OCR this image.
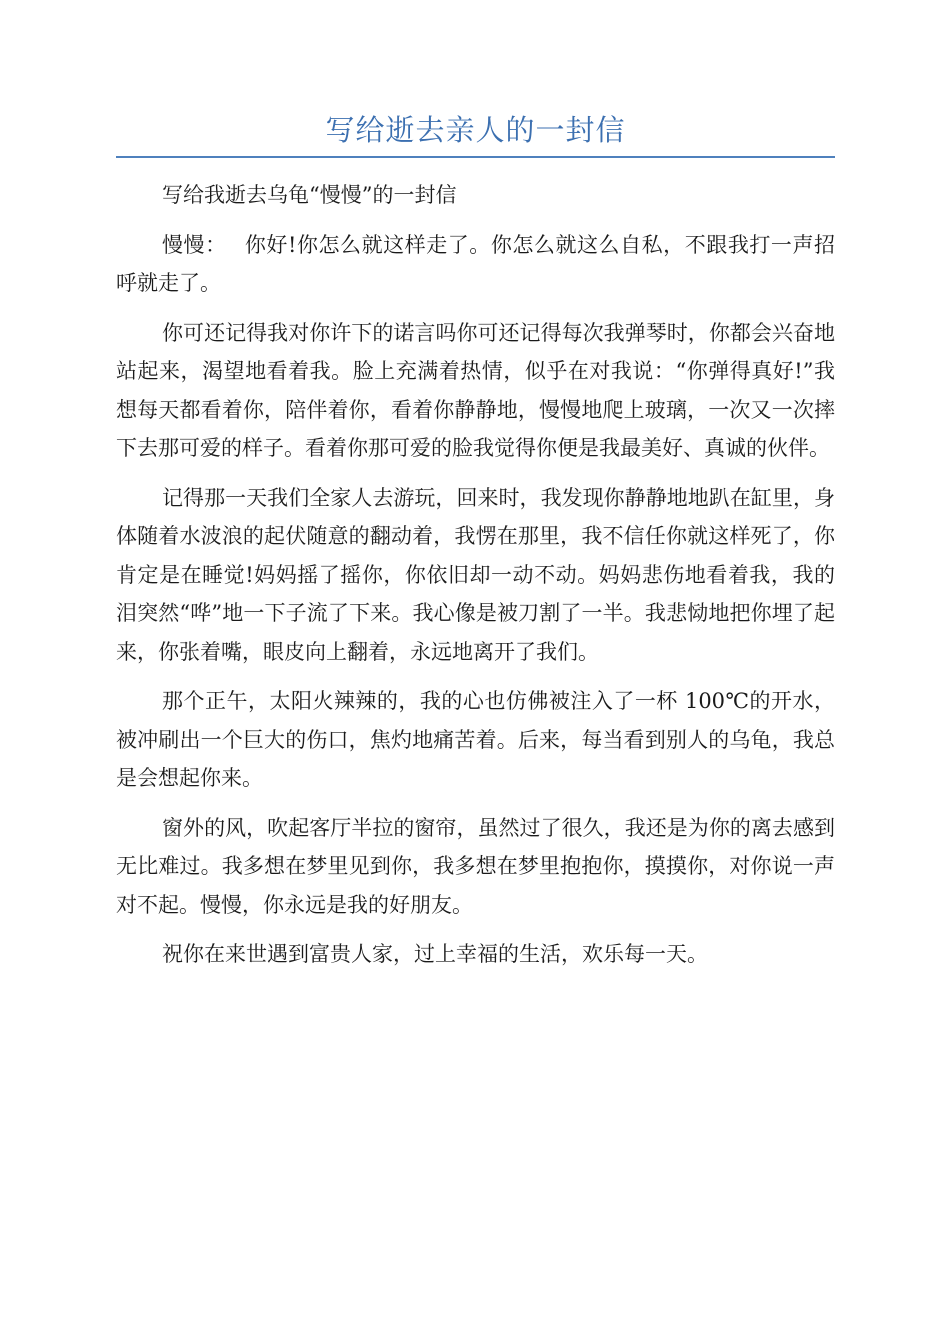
写给逝去亲人的一封信

写给我逝去乌龟“慢慢”的一封信

慢慢：　 你好!你怎么就这样走了。你怎么就这么自私，不跟我打一声招呼就走了。

你可还记得我对你许下的诺言吗你可还记得每次我弹琴时，你都会兴奋地站起来，渴望地看着我。脸上充满着热情，似乎在对我说：“你弹得真好!”我想每天都看着你，陪伴着你，看着你静静地，慢慢地爬上玻璃，一次又一次摔下去那可爱的样子。看着你那可爱的脸我觉得你便是我最美好、真诚的伙伴。

记得那一天我们全家人去游玩，回来时，我发现你静静地地趴在缸里，身体随着水波浪的起伏随意的翻动着，我愣在那里，我不信任你就这样死了，你肯定是在睡觉!妈妈摇了摇你，你依旧却一动不动。妈妈悲伤地看着我，我的泪突然“哗”地一下子流了下来。我心像是被刀割了一半。我悲恸地把你埋了起来，你张着嘴，眼皮向上翻着，永远地离开了我们。

那个正午，太阳火辣辣的，我的心也仿佛被注入了一杯 100℃的开水，被冲刷出一个巨大的伤口，焦灼地痛苦着。后来，每当看到别人的乌龟，我总是会想起你来。

窗外的风，吹起客厅半拉的窗帘，虽然过了很久，我还是为你的离去感到无比难过。我多想在梦里见到你，我多想在梦里抱抱你，摸摸你，对你说一声对不起。慢慢，你永远是我的好朋友。

祝你在来世遇到富贵人家，过上幸福的生活，欢乐每一天。
